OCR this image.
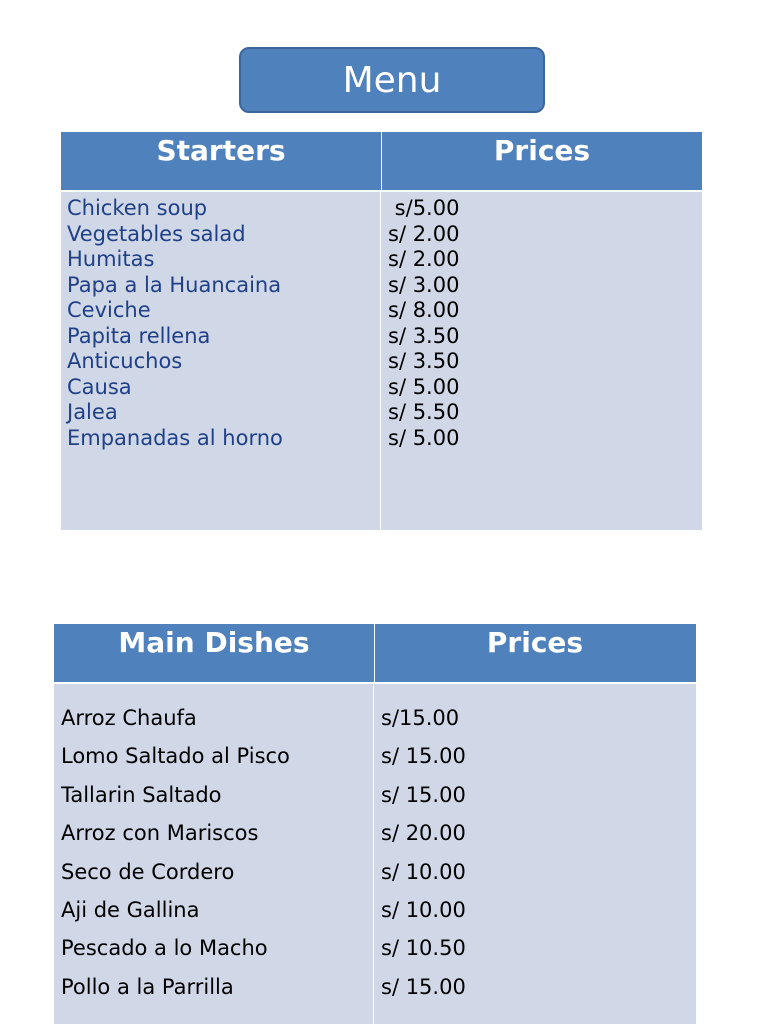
Menu
Starters	Prices
Chicken soup
Vegetables salad
Humitas
Papa a la Huancaina
Ceviche
Papita rellena
Anticuchos
Causa
Jalea
Empanadas al horno
s/5.00
s/ 2.00
s/ 2.00
s/ 3.00
s/ 8.00
s/ 3.50
s/ 3.50
s/ 5.00
s/ 5.50
s/ 5.00
Main Dishes	Prices
Arroz Chaufa
Lomo Saltado al Pisco
Tallarin Saltado
Arroz con Mariscos
Seco de Cordero
Aji de Gallina
Pescado a lo Macho
Pollo a la Parrilla
s/15.00
s/ 15.00
s/ 15.00
s/ 20.00
s/ 10.00
s/ 10.00
s/ 10.50
s/ 15.00
